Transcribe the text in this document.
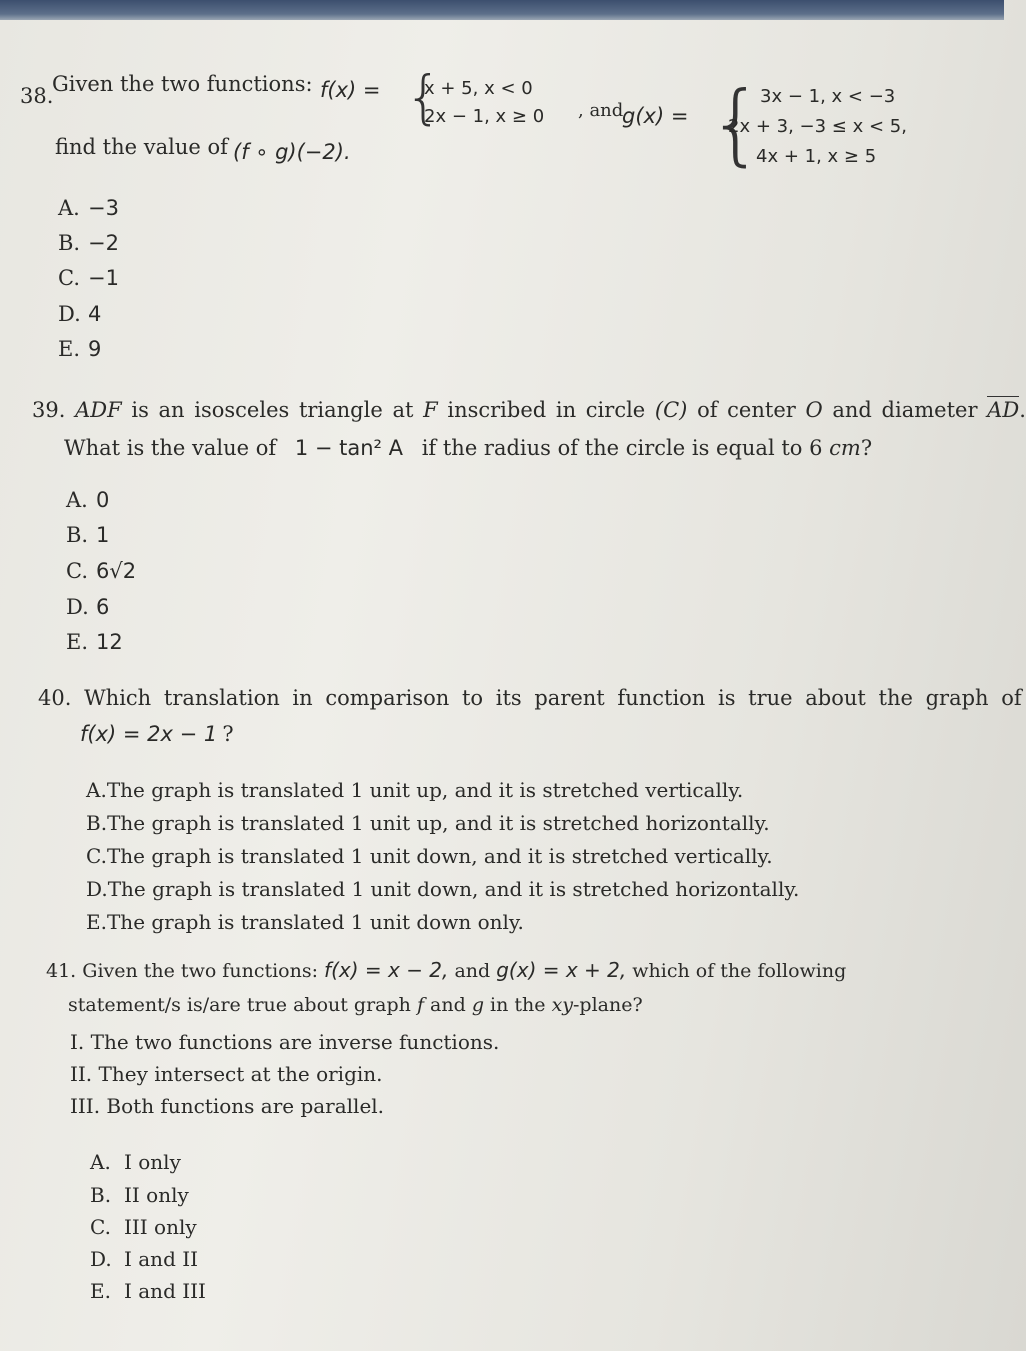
38.
Given the two functions: f(x) = {
x + 5, x < 0
2x − 1, x ≥ 0 , and
g(x) = {
3x − 1, x < −3
2x + 3, −3 ≤ x < 5,
4x + 1, x ≥ 5
find the value of (f ∘ g)(−2).
A. −3
B. −2
C. −1
D. 4
E. 9
39. ADF is an isosceles triangle at F inscribed in circle (C) of center O and diameter AD.
What is the value of 1 − tan² A if the radius of the circle is equal to 6 cm?
A. 0
B. 1
C. 6√2
D. 6
E. 12
40. Which translation in comparison to its parent function is true about the graph of
f(x) = 2x − 1 ?
A.The graph is translated 1 unit up, and it is stretched vertically.
B.The graph is translated 1 unit up, and it is stretched horizontally.
C.The graph is translated 1 unit down, and it is stretched vertically.
D.The graph is translated 1 unit down, and it is stretched horizontally.
E.The graph is translated 1 unit down only.
41. Given the two functions: f(x) = x − 2, and g(x) = x + 2, which of the following
statement/s is/are true about graph f and g in the xy-plane?
I. The two functions are inverse functions.
II. They intersect at the origin.
III. Both functions are parallel.
A. I only
B. II only
C. III only
D. I and II
E. I and III
